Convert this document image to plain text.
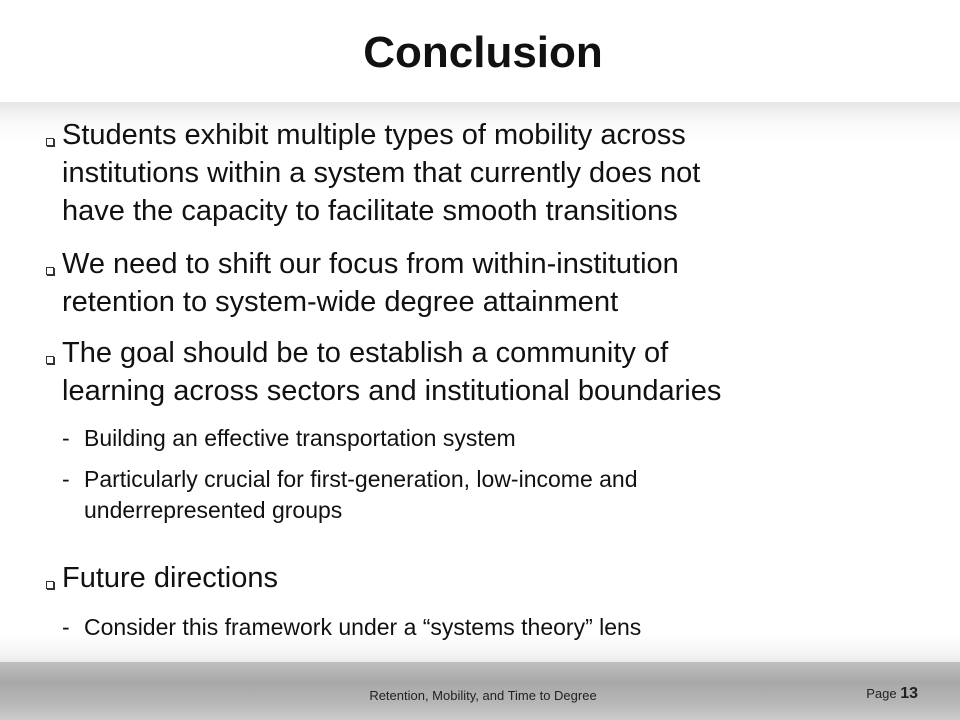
Conclusion
Students exhibit multiple types of mobility across
institutions within a system that currently does not
have the capacity to facilitate smooth transitions
We need to shift our focus from within-institution
retention to system-wide degree attainment
The goal should be to establish a community of
learning across sectors and institutional boundaries
- Building an effective transportation system
- Particularly crucial for first-generation, low-income and
underrepresented groups
Future directions
- Consider this framework under a “systems theory” lens
Retention, Mobility, and Time to Degree	Page 13
